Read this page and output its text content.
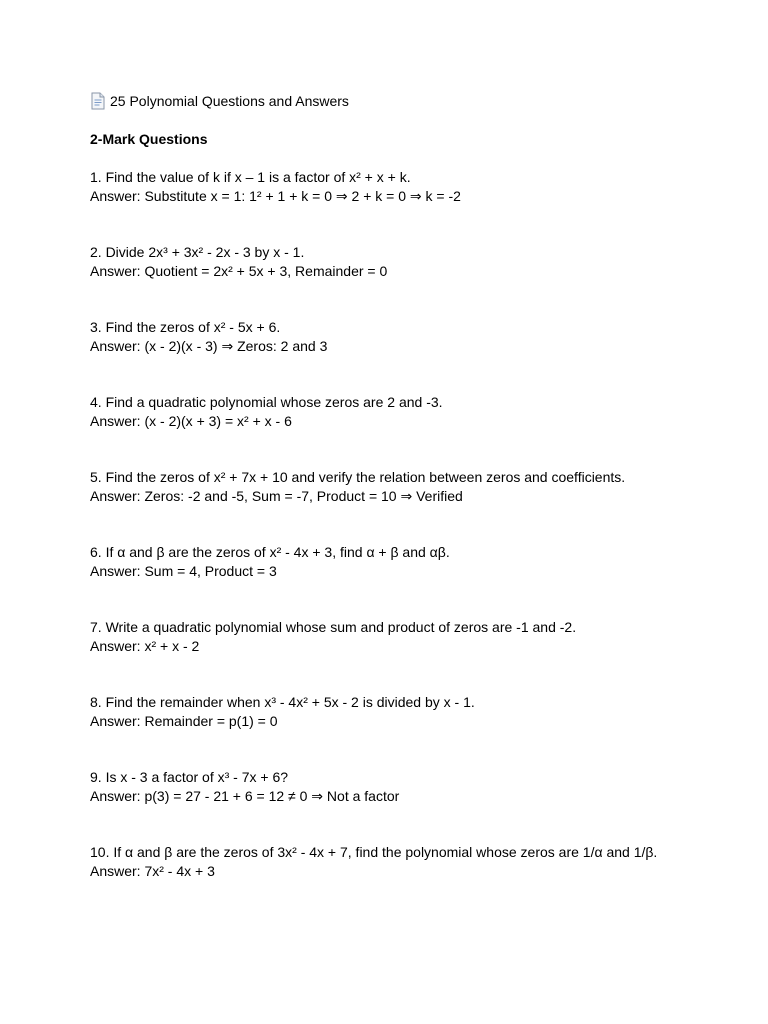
25 Polynomial Questions and Answers
2-Mark Questions
1. Find the value of k if x – 1 is a factor of x² + x + k.
Answer: Substitute x = 1: 1² + 1 + k = 0 ⇒ 2 + k = 0 ⇒ k = -2
2. Divide 2x³ + 3x² - 2x - 3 by x - 1.
Answer: Quotient = 2x² + 5x + 3, Remainder = 0
3. Find the zeros of x² - 5x + 6.
Answer: (x - 2)(x - 3) ⇒ Zeros: 2 and 3
4. Find a quadratic polynomial whose zeros are 2 and -3.
Answer: (x - 2)(x + 3) = x² + x - 6
5. Find the zeros of x² + 7x + 10 and verify the relation between zeros and coefficients.
Answer: Zeros: -2 and -5, Sum = -7, Product = 10 ⇒ Verified
6. If α and β are the zeros of x² - 4x + 3, find α + β and αβ.
Answer: Sum = 4, Product = 3
7. Write a quadratic polynomial whose sum and product of zeros are -1 and -2.
Answer: x² + x - 2
8. Find the remainder when x³ - 4x² + 5x - 2 is divided by x - 1.
Answer: Remainder = p(1) = 0
9. Is x - 3 a factor of x³ - 7x + 6?
Answer: p(3) = 27 - 21 + 6 = 12 ≠ 0 ⇒ Not a factor
10. If α and β are the zeros of 3x² - 4x + 7, find the polynomial whose zeros are 1/α and 1/β.
Answer: 7x² - 4x + 3
